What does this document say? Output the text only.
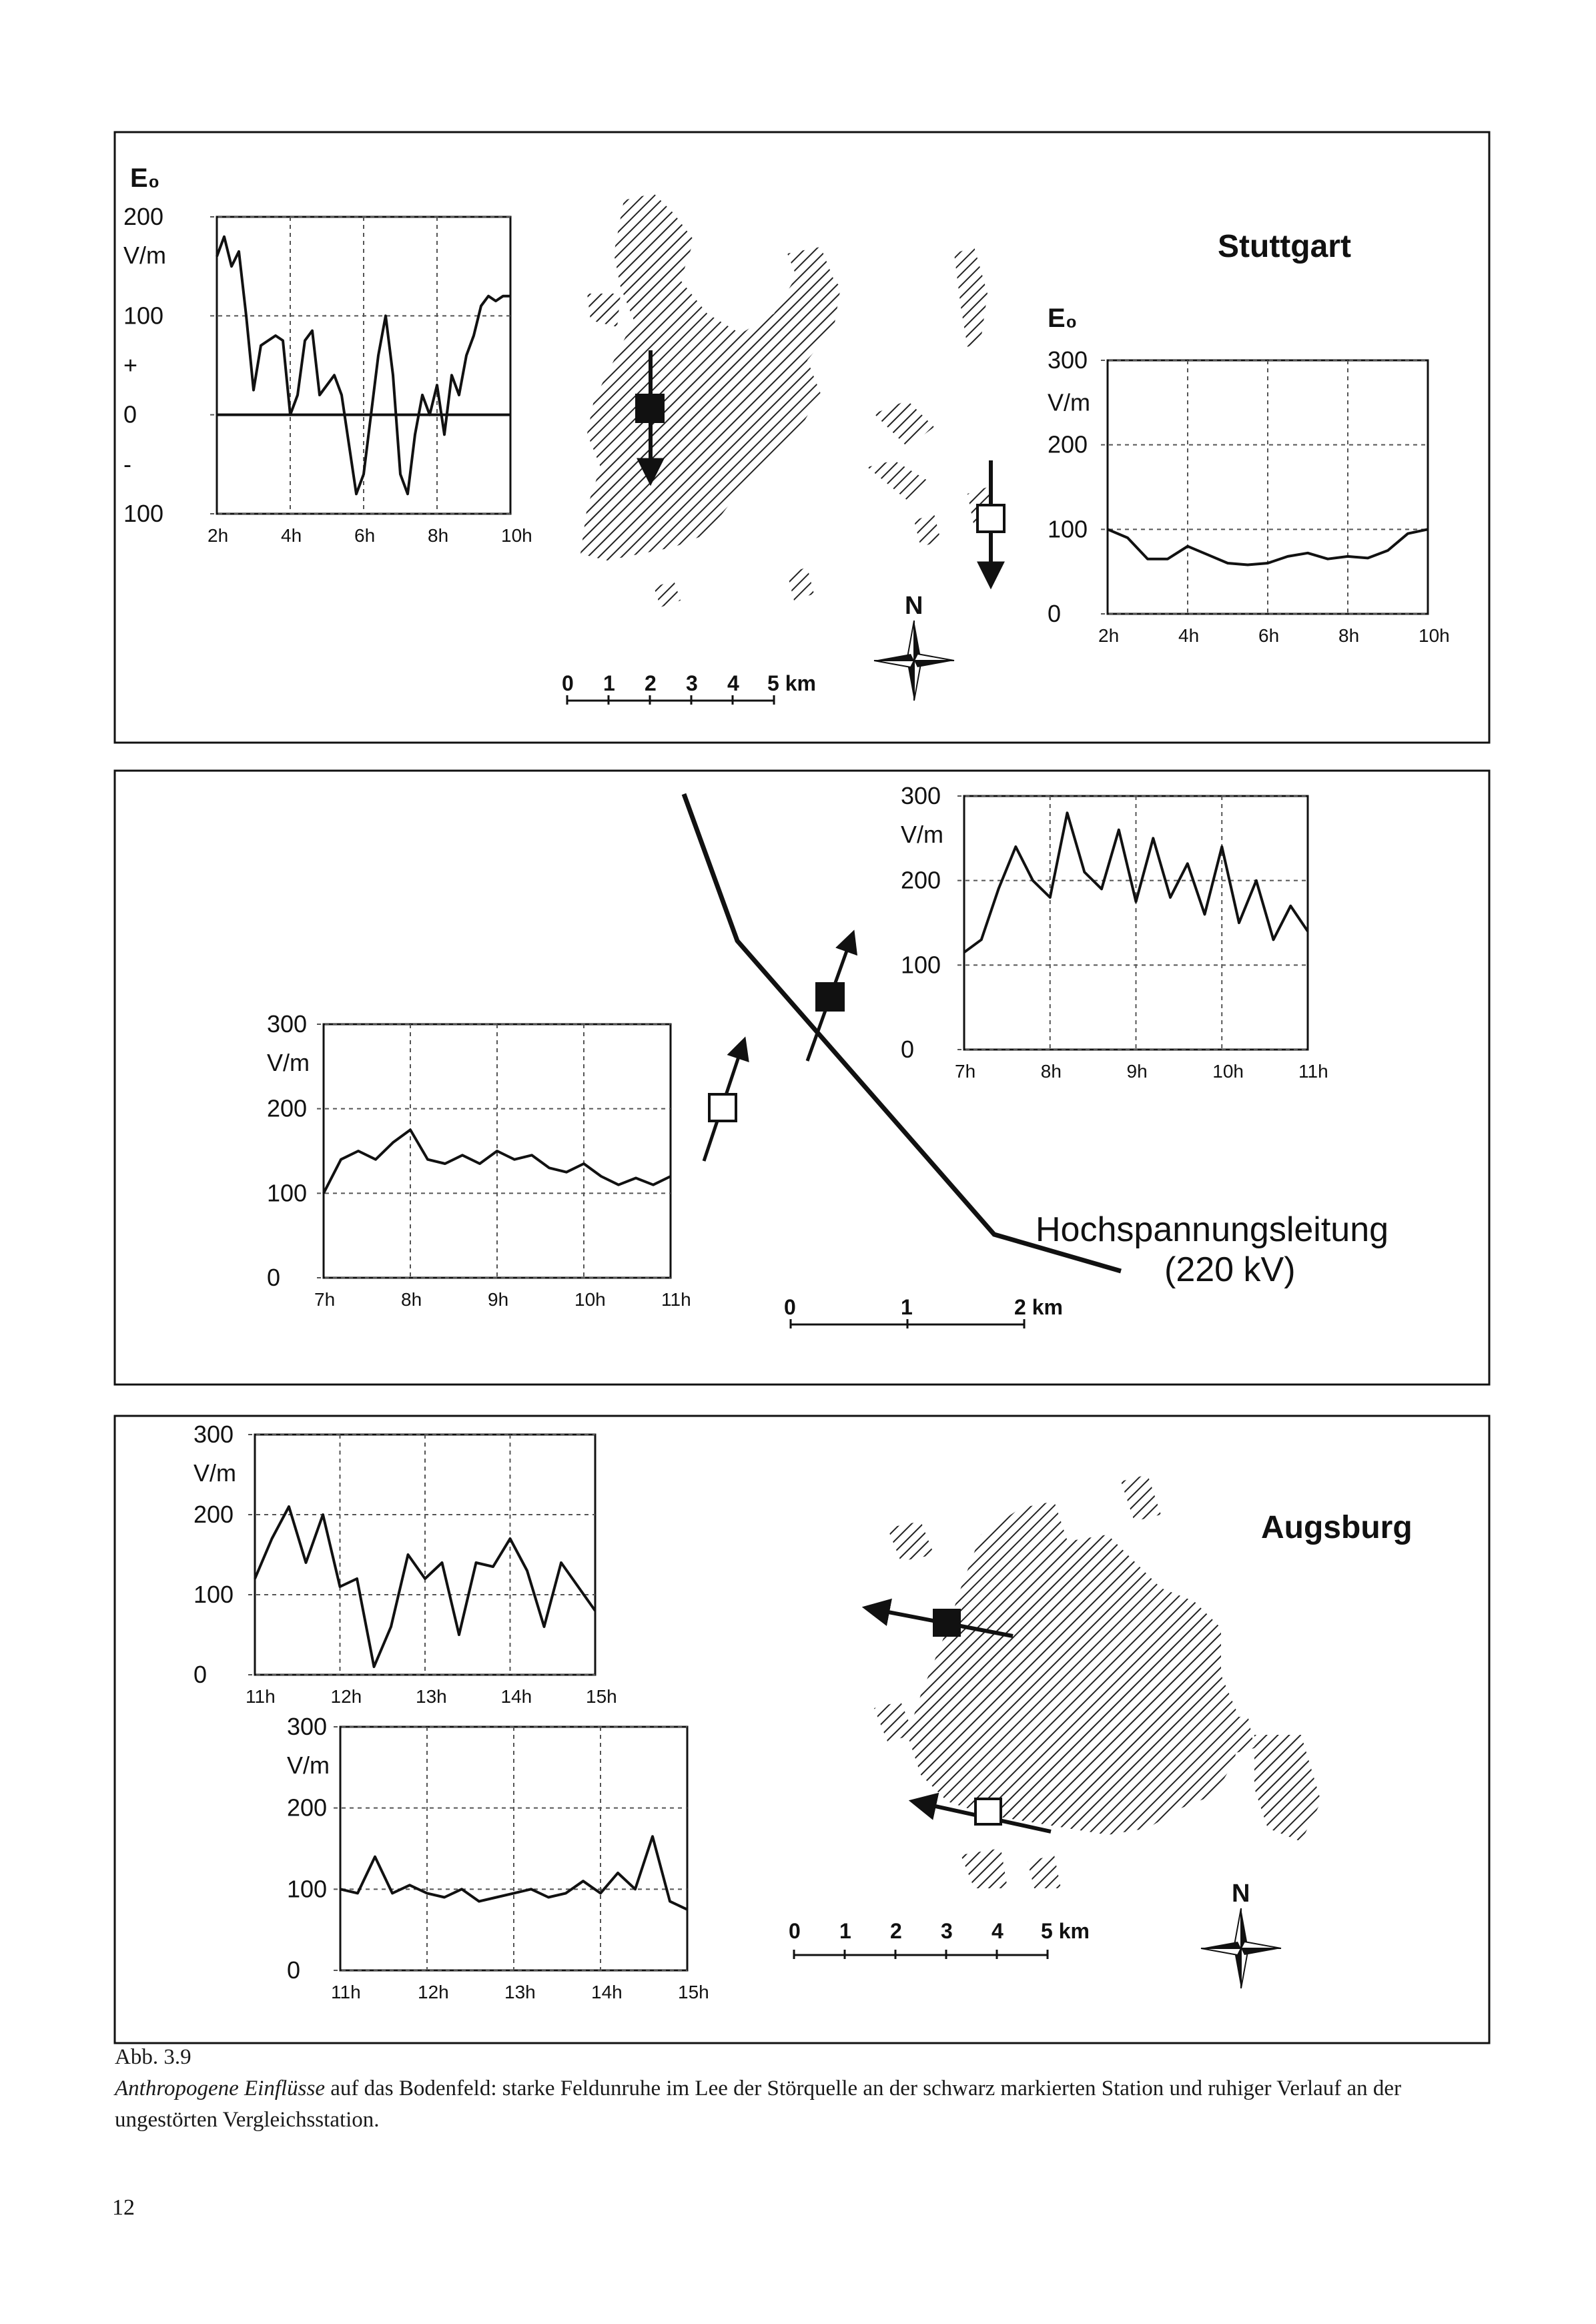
2h	4h	6h	8h	10h
200
100
+
0
-
100
V/m
E₀
2h	4h	6h	8h	10h
300
V/m
200
100
0
E₀
0 1 2 3 4 5 km
N
Stuttgart
7h	8h	9h	10h	11h
300
200
100
0
V/m	7h	8h	9h	10h	11h
300
200
100
0
V/m
0	1	2 km
Hochspannungsleitung
(220 kV)
11h	12h	13h	14h	15h
300
200
100
0
V/m
11h	12h	13h	14h	15h
300
200
100
0
V/m
0 1 2 3 4 5 km
N
Augsburg
Abb. 3.9
Anthropogene Einflüsse auf das Bodenfeld: starke Feldunruhe im Lee der Störquelle an der schwarz markierten Station und ruhiger Verlauf an der ungestörten Vergleichsstation.
12
